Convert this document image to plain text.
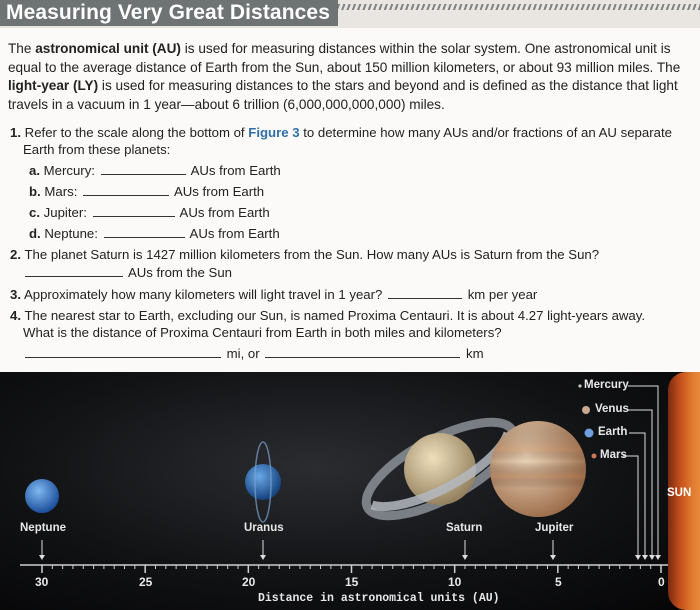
Measuring Very Great Distances

The astronomical unit (AU) is used for measuring distances within the solar system. One astronomical unit is equal to the average distance of Earth from the Sun, about 150 million kilometers, or about 93 million miles. The light-year (LY) is used for measuring distances to the stars and beyond and is defined as the distance that light travels in a vacuum in 1 year—about 6 trillion (6,000,000,000,000) miles.

1. Refer to the scale along the bottom of Figure 3 to determine how many AUs and/or fractions of an AU separate
Earth from these planets:
a. Mercury:	AUs from Earth
b. Mars:	AUs from Earth
c. Jupiter:	AUs from Earth
d. Neptune:	AUs from Earth
2. The planet Saturn is 1427 million kilometers from the Sun. How many AUs is Saturn from the Sun?
AUs from the Sun
3. Approximately how many kilometers will light travel in 1 year?	km per year
4. The nearest star to Earth, excluding our Sun, is named Proxima Centauri. It is about 4.27 light-years away.
What is the distance of Proxima Centauri from Earth in both miles and kilometers?
mi, or	km
Neptune	Uranus	Saturn	Jupiter
Mercury
Venus
Earth
Mars
SUN
30	25	20	15	10	5	0
Distance in astronomical units (AU)
